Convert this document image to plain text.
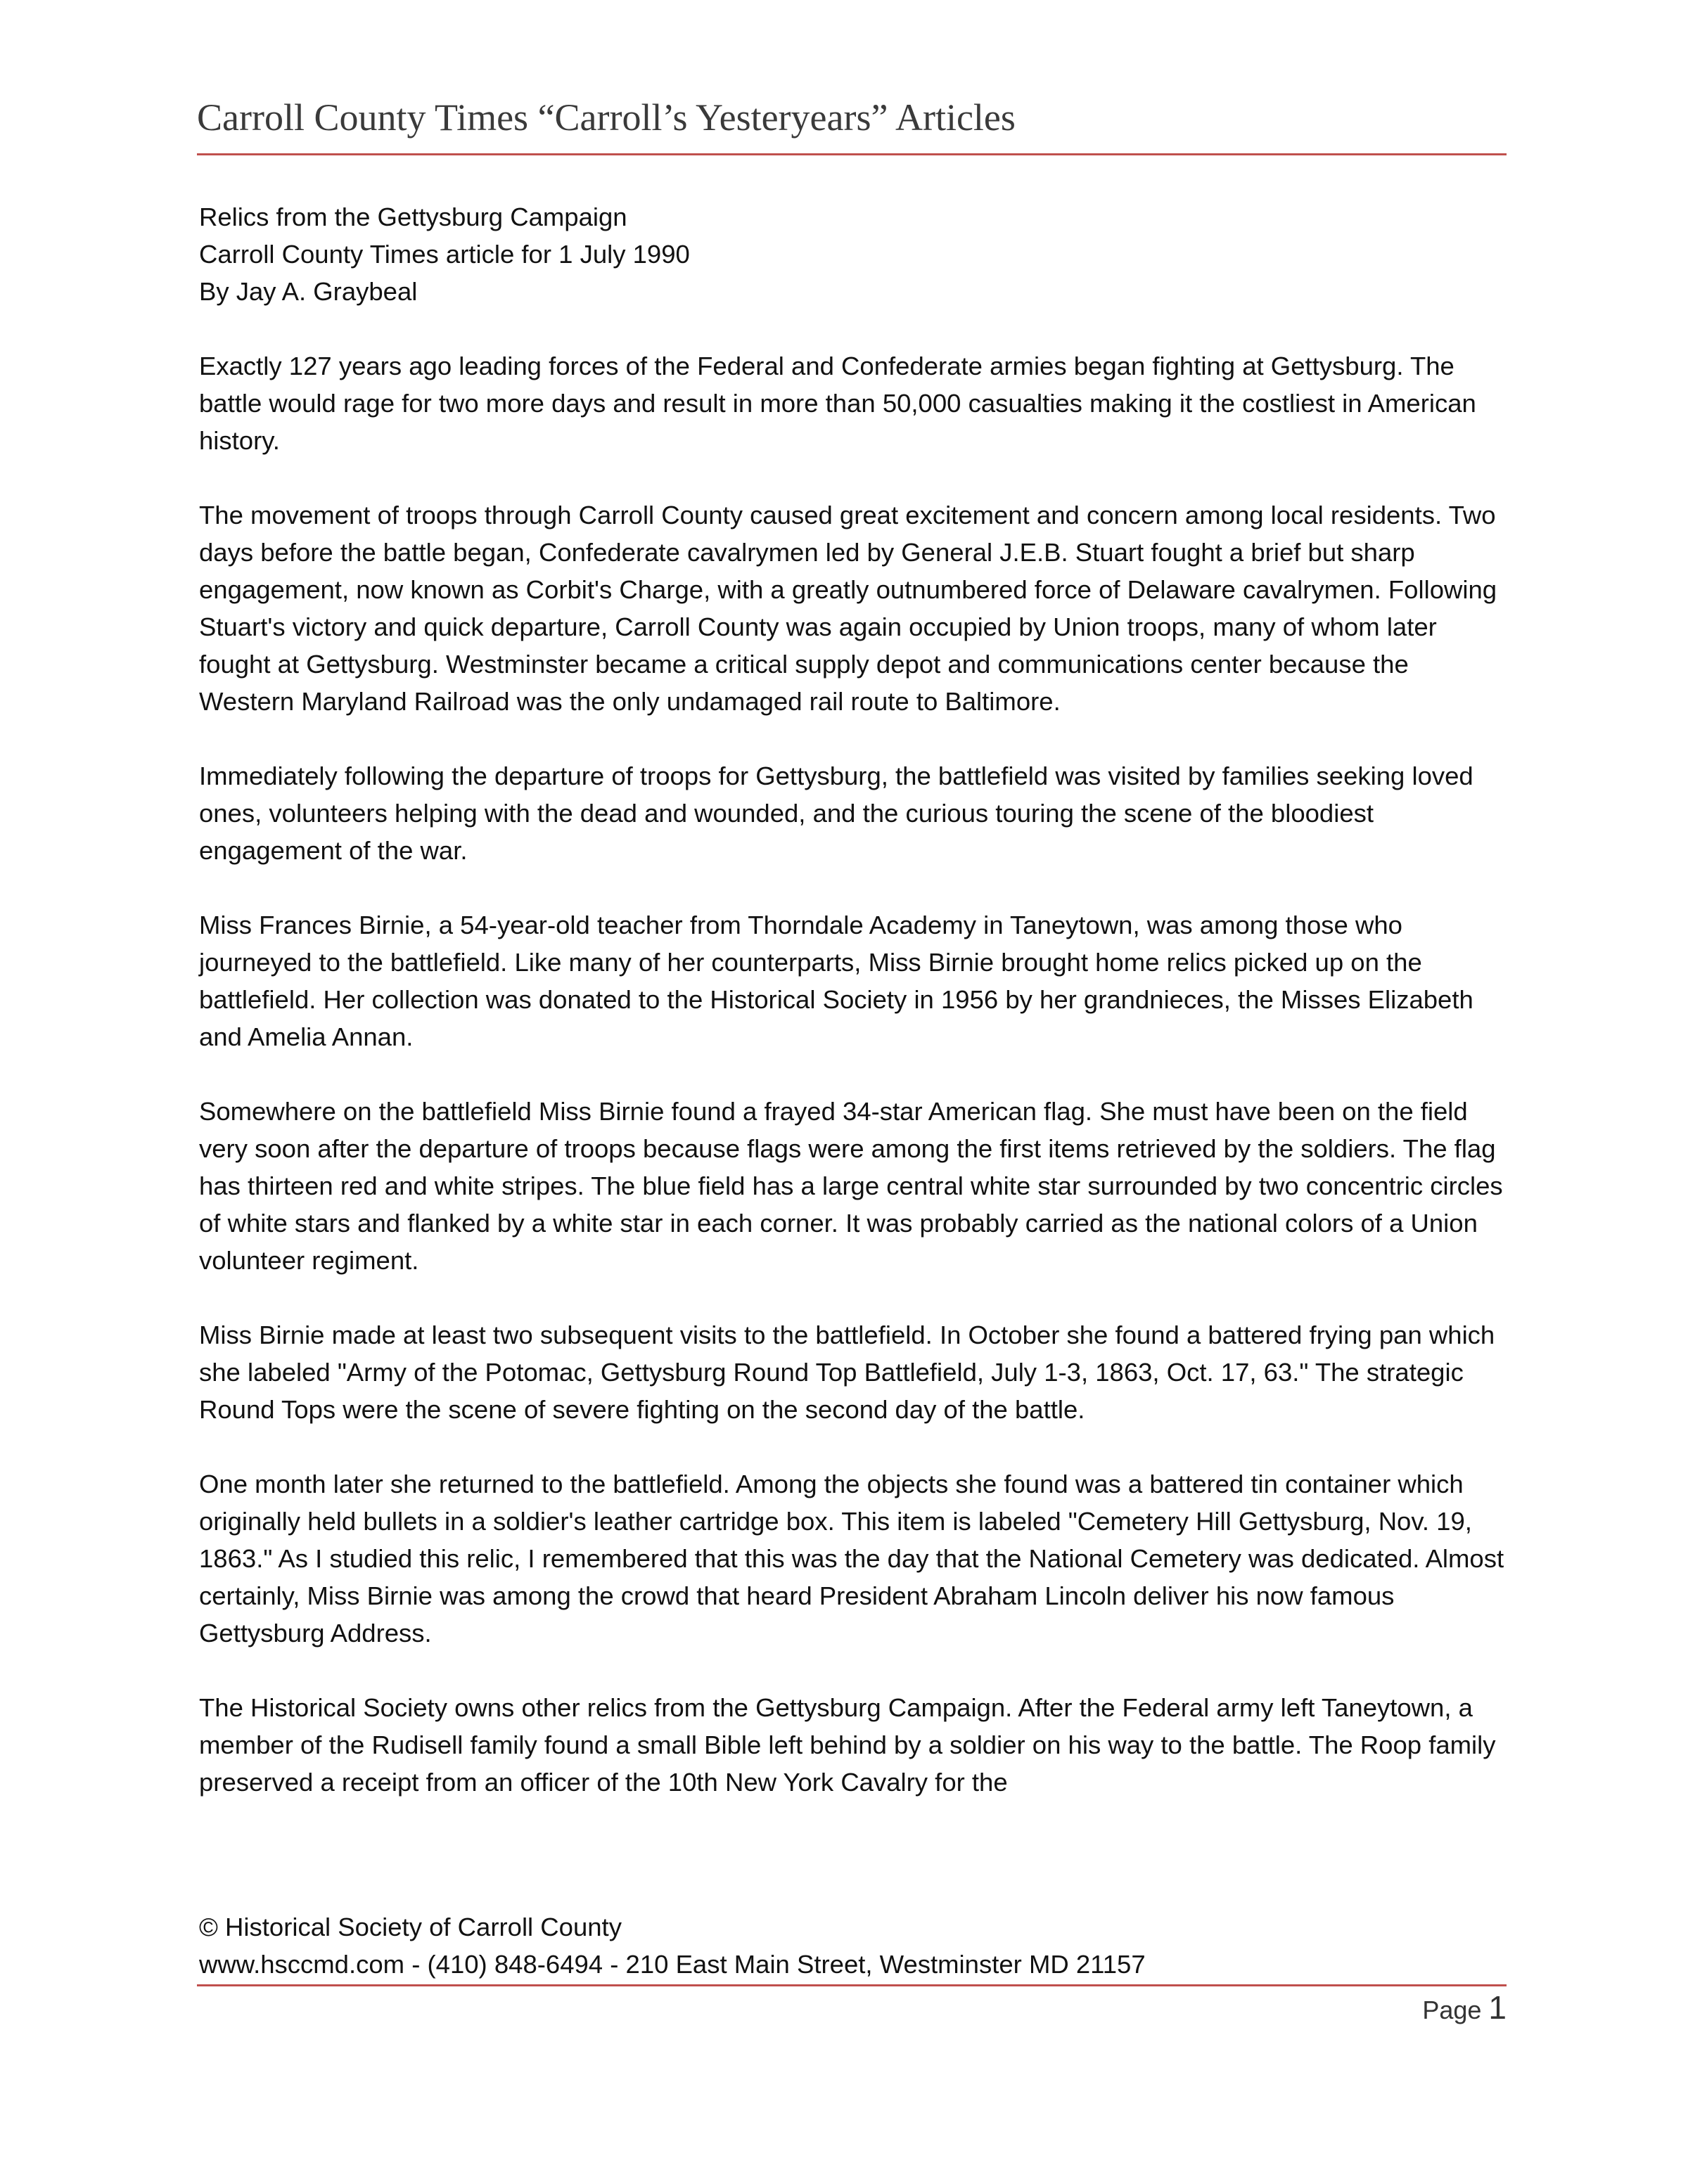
Carroll County Times “Carroll’s Yesteryears” Articles

Relics from the Gettysburg Campaign

Carroll County Times article for 1 July 1990

By Jay A. Graybeal

Exactly 127 years ago leading forces of the Federal and Confederate armies began fighting at Gettysburg. The battle would rage for two more days and result in more than 50,000 casualties making it the costliest in American history.

The movement of troops through Carroll County caused great excitement and concern among local residents. Two days before the battle began, Confederate cavalrymen led by General J.E.B. Stuart fought a brief but sharp engagement, now known as Corbit's Charge, with a greatly outnumbered force of Delaware cavalrymen. Following Stuart's victory and quick departure, Carroll County was again occupied by Union troops, many of whom later fought at Gettysburg. Westminster became a critical supply depot and communications center because the Western Maryland Railroad was the only undamaged rail route to Baltimore.

Immediately following the departure of troops for Gettysburg, the battlefield was visited by families seeking loved ones, volunteers helping with the dead and wounded, and the curious touring the scene of the bloodiest engagement of the war.

Miss Frances Birnie, a 54-year-old teacher from Thorndale Academy in Taneytown, was among those who journeyed to the battlefield. Like many of her counterparts, Miss Birnie brought home relics picked up on the battlefield. Her collection was donated to the Historical Society in 1956 by her grandnieces, the Misses Elizabeth and Amelia Annan.

Somewhere on the battlefield Miss Birnie found a frayed 34-star American flag. She must have been on the field very soon after the departure of troops because flags were among the first items retrieved by the soldiers. The flag has thirteen red and white stripes. The blue field has a large central white star surrounded by two concentric circles of white stars and flanked by a white star in each corner. It was probably carried as the national colors of a Union volunteer regiment.

Miss Birnie made at least two subsequent visits to the battlefield. In October she found a battered frying pan which she labeled "Army of the Potomac, Gettysburg Round Top Battlefield, July 1-3, 1863, Oct. 17, 63." The strategic Round Tops were the scene of severe fighting on the second day of the battle.

One month later she returned to the battlefield. Among the objects she found was a battered tin container which originally held bullets in a soldier's leather cartridge box. This item is labeled "Cemetery Hill Gettysburg, Nov. 19, 1863." As I studied this relic, I remembered that this was the day that the National Cemetery was dedicated. Almost certainly, Miss Birnie was among the crowd that heard President Abraham Lincoln deliver his now famous Gettysburg Address.

The Historical Society owns other relics from the Gettysburg Campaign. After the Federal army left Taneytown, a member of the Rudisell family found a small Bible left behind by a soldier on his way to the battle. The Roop family preserved a receipt from an officer of the 10th New York Cavalry for the

© Historical Society of Carroll County

www.hsccmd.com - (410) 848-6494 - 210 East Main Street, Westminster MD 21157

Page 1
